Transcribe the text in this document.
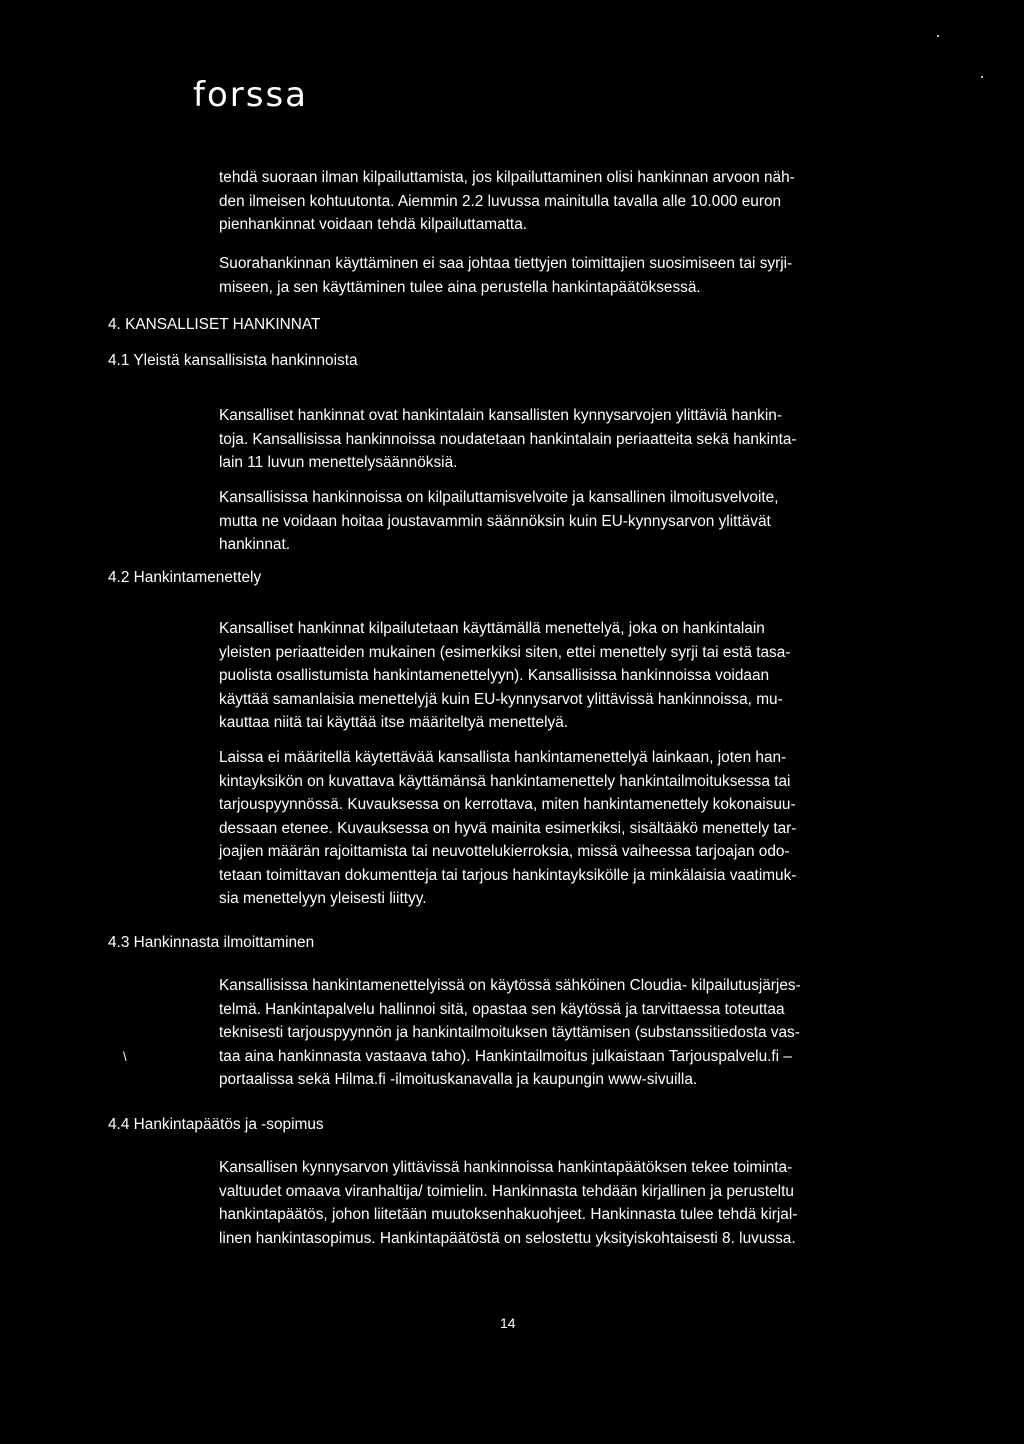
forssa
tehdä suoraan ilman kilpailuttamista, jos kilpailuttaminen olisi hankinnan arvoon näh-
den ilmeisen kohtuutonta. Aiemmin 2.2 luvussa mainitulla tavalla alle 10.000 euron
pienhankinnat voidaan tehdä kilpailuttamatta.
Suorahankinnan käyttäminen ei saa johtaa tiettyjen toimittajien suosimiseen tai syrji-
miseen, ja sen käyttäminen tulee aina perustella hankintapäätöksessä.
4. KANSALLISET HANKINNAT
4.1 Yleistä kansallisista hankinnoista
Kansalliset hankinnat ovat hankintalain kansallisten kynnysarvojen ylittäviä hankin-
toja. Kansallisissa hankinnoissa noudatetaan hankintalain periaatteita sekä hankinta-
lain 11 luvun menettelysäännöksiä.
Kansallisissa hankinnoissa on kilpailuttamisvelvoite ja kansallinen ilmoitusvelvoite,
mutta ne voidaan hoitaa joustavammin säännöksin kuin EU-kynnysarvon ylittävät
hankinnat.
4.2 Hankintamenettely
Kansalliset hankinnat kilpailutetaan käyttämällä menettelyä, joka on hankintalain
yleisten periaatteiden mukainen (esimerkiksi siten, ettei menettely syrji tai estä tasa-
puolista osallistumista hankintamenettelyyn). Kansallisissa hankinnoissa voidaan
käyttää samanlaisia menettelyjä kuin EU-kynnysarvot ylittävissä hankinnoissa, mu-
kauttaa niitä tai käyttää itse määriteltyä menettelyä.
Laissa ei määritellä käytettävää kansallista hankintamenettelyä lainkaan, joten han-
kintayksikön on kuvattava käyttämänsä hankintamenettely hankintailmoituksessa tai
tarjouspyynnössä. Kuvauksessa on kerrottava, miten hankintamenettely kokonaisuu-
dessaan etenee. Kuvauksessa on hyvä mainita esimerkiksi, sisältääkö menettely tar-
joajien määrän rajoittamista tai neuvottelukierroksia, missä vaiheessa tarjoajan odo-
tetaan toimittavan dokumentteja tai tarjous hankintayksikölle ja minkälaisia vaatimuk-
sia menettelyyn yleisesti liittyy.
4.3 Hankinnasta ilmoittaminen
Kansallisissa hankintamenettelyissä on käytössä sähköinen Cloudia- kilpailutusjärjes-
telmä. Hankintapalvelu hallinnoi sitä, opastaa sen käytössä ja tarvittaessa toteuttaa
teknisesti tarjouspyynnön ja hankintailmoituksen täyttämisen (substanssitiedosta vas-
taa aina hankinnasta vastaava taho). Hankintailmoitus julkaistaan Tarjouspalvelu.fi –
portaalissa sekä Hilma.fi -ilmoituskanavalla ja kaupungin www-sivuilla.
\
4.4 Hankintapäätös ja -sopimus
Kansallisen kynnysarvon ylittävissä hankinnoissa hankintapäätöksen tekee toiminta-
valtuudet omaava viranhaltija/ toimielin. Hankinnasta tehdään kirjallinen ja perusteltu
hankintapäätös, johon liitetään muutoksenhakuohjeet. Hankinnasta tulee tehdä kirjal-
linen hankintasopimus. Hankintapäätöstä on selostettu yksityiskohtaisesti 8. luvussa.
14
